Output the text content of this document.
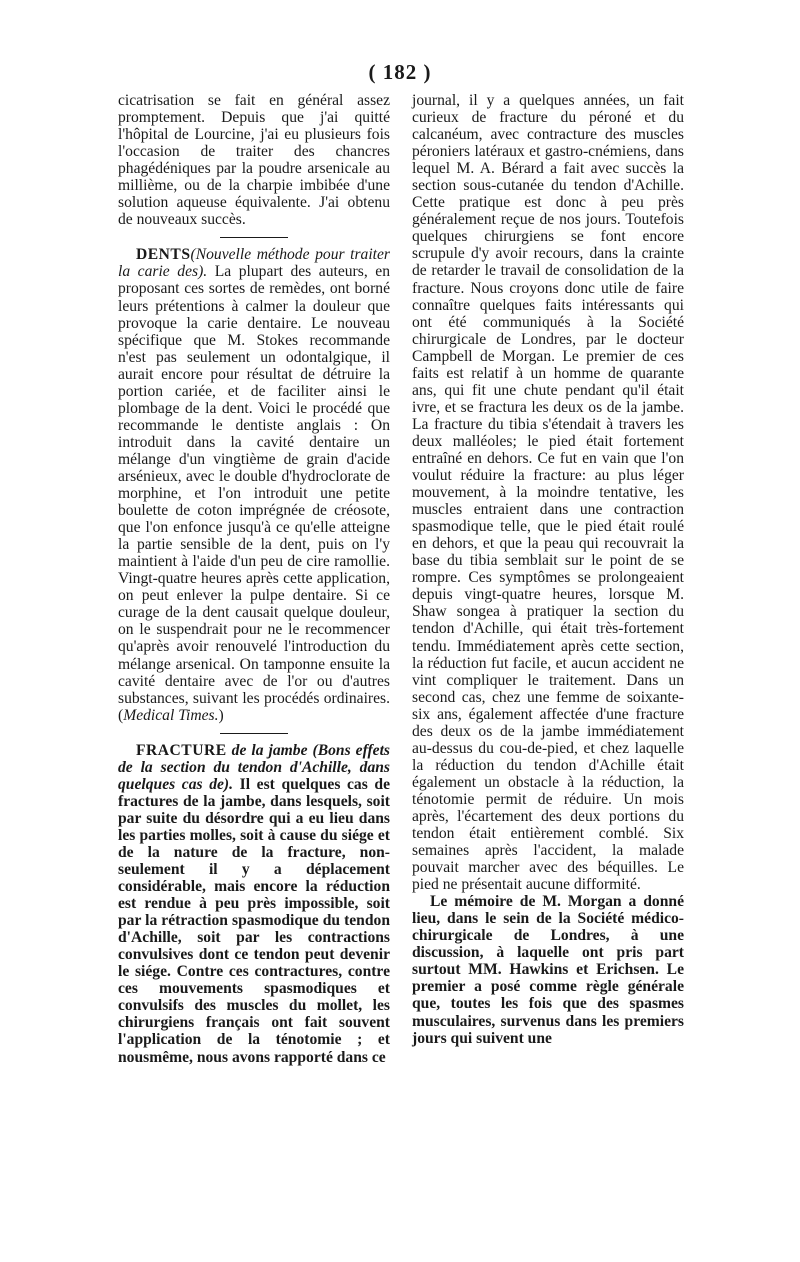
( 182 )

cicatrisation se fait en général assez promptement. Depuis que j'ai quitté l'hôpital de Lourcine, j'ai eu plusieurs fois l'occasion de traiter des chancres phagédéniques par la poudre arsenicale au millième, ou de la charpie imbibée d'une solution aqueuse équivalente. J'ai obtenu de nouveaux succès.

DENTS(Nouvelle méthode pour traiter la carie des). La plupart des auteurs, en proposant ces sortes de remèdes, ont borné leurs prétentions à calmer la douleur que provoque la carie dentaire. Le nouveau spécifique que M. Stokes recommande n'est pas seulement un odontalgique, il aurait encore pour résultat de détruire la portion cariée, et de faciliter ainsi le plombage de la dent. Voici le procédé que recommande le dentiste anglais : On introduit dans la cavité dentaire un mélange d'un vingtième de grain d'acide arsénieux, avec le double d'hydroclorate de morphine, et l'on introduit une petite boulette de coton imprégnée de créosote, que l'on enfonce jusqu'à ce qu'elle atteigne la partie sensible de la dent, puis on l'y maintient à l'aide d'un peu de cire ramollie. Vingt-quatre heures après cette application, on peut enlever la pulpe dentaire. Si ce curage de la dent causait quelque douleur, on le suspendrait pour ne le recommencer qu'après avoir renouvelé l'introduction du mélange arsenical. On tamponne ensuite la cavité dentaire avec de l'or ou d'autres substances, suivant les procédés ordinaires. (Medical Times.)

FRACTURE de la jambe (Bons effets de la section du tendon d'Achille, dans quelques cas de). Il est quelques cas de fractures de la jambe, dans lesquels, soit par suite du désordre qui a eu lieu dans les parties molles, soit à cause du siége et de la nature de la fracture, non-seulement il y a déplacement considérable, mais encore la réduction est rendue à peu près impossible, soit par la rétraction spasmodique du tendon d'Achille, soit par les contractions convulsives dont ce tendon peut devenir le siége. Contre ces contractures, contre ces mouvements spasmodiques et convulsifs des muscles du mollet, les chirurgiens français ont fait souvent l'application de la ténotomie ; et nousmême, nous avons rapporté dans ce

journal, il y a quelques années, un fait curieux de fracture du péroné et du calcanéum, avec contracture des muscles péroniers latéraux et gastro-cnémiens, dans lequel M. A. Bérard a fait avec succès la section sous-cutanée du tendon d'Achille. Cette pratique est donc à peu près généralement reçue de nos jours. Toutefois quelques chirurgiens se font encore scrupule d'y avoir recours, dans la crainte de retarder le travail de consolidation de la fracture. Nous croyons donc utile de faire connaître quelques faits intéressants qui ont été communiqués à la Société chirurgicale de Londres, par le docteur Campbell de Morgan. Le premier de ces faits est relatif à un homme de quarante ans, qui fit une chute pendant qu'il était ivre, et se fractura les deux os de la jambe. La fracture du tibia s'étendait à travers les deux malléoles; le pied était fortement entraîné en dehors. Ce fut en vain que l'on voulut réduire la fracture: au plus léger mouvement, à la moindre tentative, les muscles entraient dans une contraction spasmodique telle, que le pied était roulé en dehors, et que la peau qui recouvrait la base du tibia semblait sur le point de se rompre. Ces symptômes se prolongeaient depuis vingt-quatre heures, lorsque M. Shaw songea à pratiquer la section du tendon d'Achille, qui était très-fortement tendu. Immédiatement après cette section, la réduction fut facile, et aucun accident ne vint compliquer le traitement. Dans un second cas, chez une femme de soixante-six ans, également affectée d'une fracture des deux os de la jambe immédiatement au-dessus du cou-de-pied, et chez laquelle la réduction du tendon d'Achille était également un obstacle à la réduction, la ténotomie permit de réduire. Un mois après, l'écartement des deux portions du tendon était entièrement comblé. Six semaines après l'accident, la malade pouvait marcher avec des béquilles. Le pied ne présentait aucune difformité.

Le mémoire de M. Morgan a donné lieu, dans le sein de la Société médico-chirurgicale de Londres, à une discussion, à laquelle ont pris part surtout MM. Hawkins et Erichsen. Le premier a posé comme règle générale que, toutes les fois que des spasmes musculaires, survenus dans les premiers jours qui suivent une
